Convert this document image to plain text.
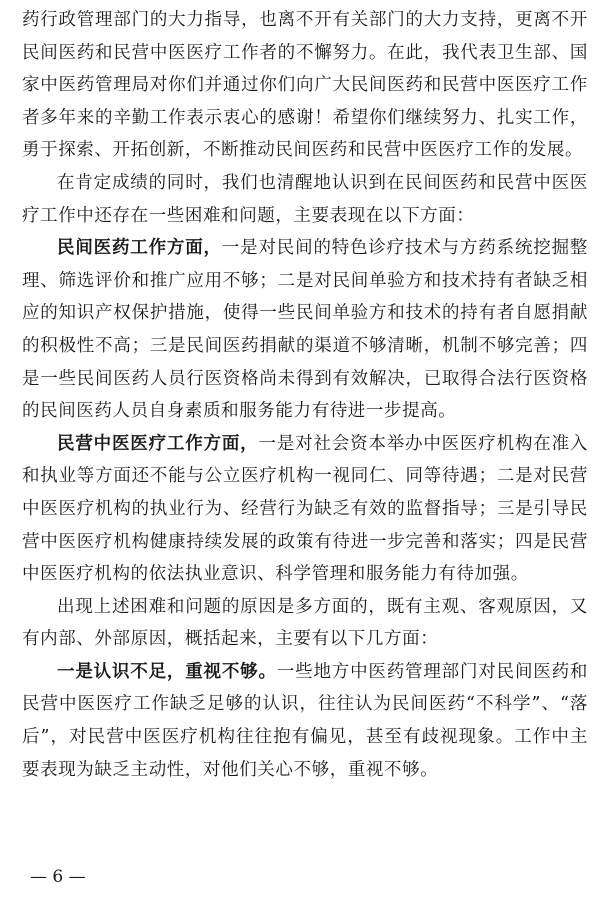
药行政管理部门的大力指导，也离不开有关部门的大力支持，更离不开民间医药和民营中医医疗工作者的不懈努力。在此，我代表卫生部、国家中医药管理局对你们并通过你们向广大民间医药和民营中医医疗工作者多年来的辛勤工作表示衷心的感谢！希望你们继续努力、扎实工作，勇于探索、开拓创新，不断推动民间医药和民营中医医疗工作的发展。

在肯定成绩的同时，我们也清醒地认识到在民间医药和民营中医医疗工作中还存在一些困难和问题，主要表现在以下方面：

民间医药工作方面，一是对民间的特色诊疗技术与方药系统挖掘整理、筛选评价和推广应用不够；二是对民间单验方和技术持有者缺乏相应的知识产权保护措施，使得一些民间单验方和技术的持有者自愿捐献的积极性不高；三是民间医药捐献的渠道不够清晰，机制不够完善；四是一些民间医药人员行医资格尚未得到有效解决，已取得合法行医资格的民间医药人员自身素质和服务能力有待进一步提高。

民营中医医疗工作方面，一是对社会资本举办中医医疗机构在准入和执业等方面还不能与公立医疗机构一视同仁、同等待遇；二是对民营中医医疗机构的执业行为、经营行为缺乏有效的监督指导；三是引导民营中医医疗机构健康持续发展的政策有待进一步完善和落实；四是民营中医医疗机构的依法执业意识、科学管理和服务能力有待加强。

出现上述困难和问题的原因是多方面的，既有主观、客观原因，又有内部、外部原因，概括起来，主要有以下几方面：

一是认识不足，重视不够。一些地方中医药管理部门对民间医药和民营中医医疗工作缺乏足够的认识，往往认为民间医药“不科学”、“落后”，对民营中医医疗机构往往抱有偏见，甚至有歧视现象。工作中主要表现为缺乏主动性，对他们关心不够，重视不够。

— 6 —
